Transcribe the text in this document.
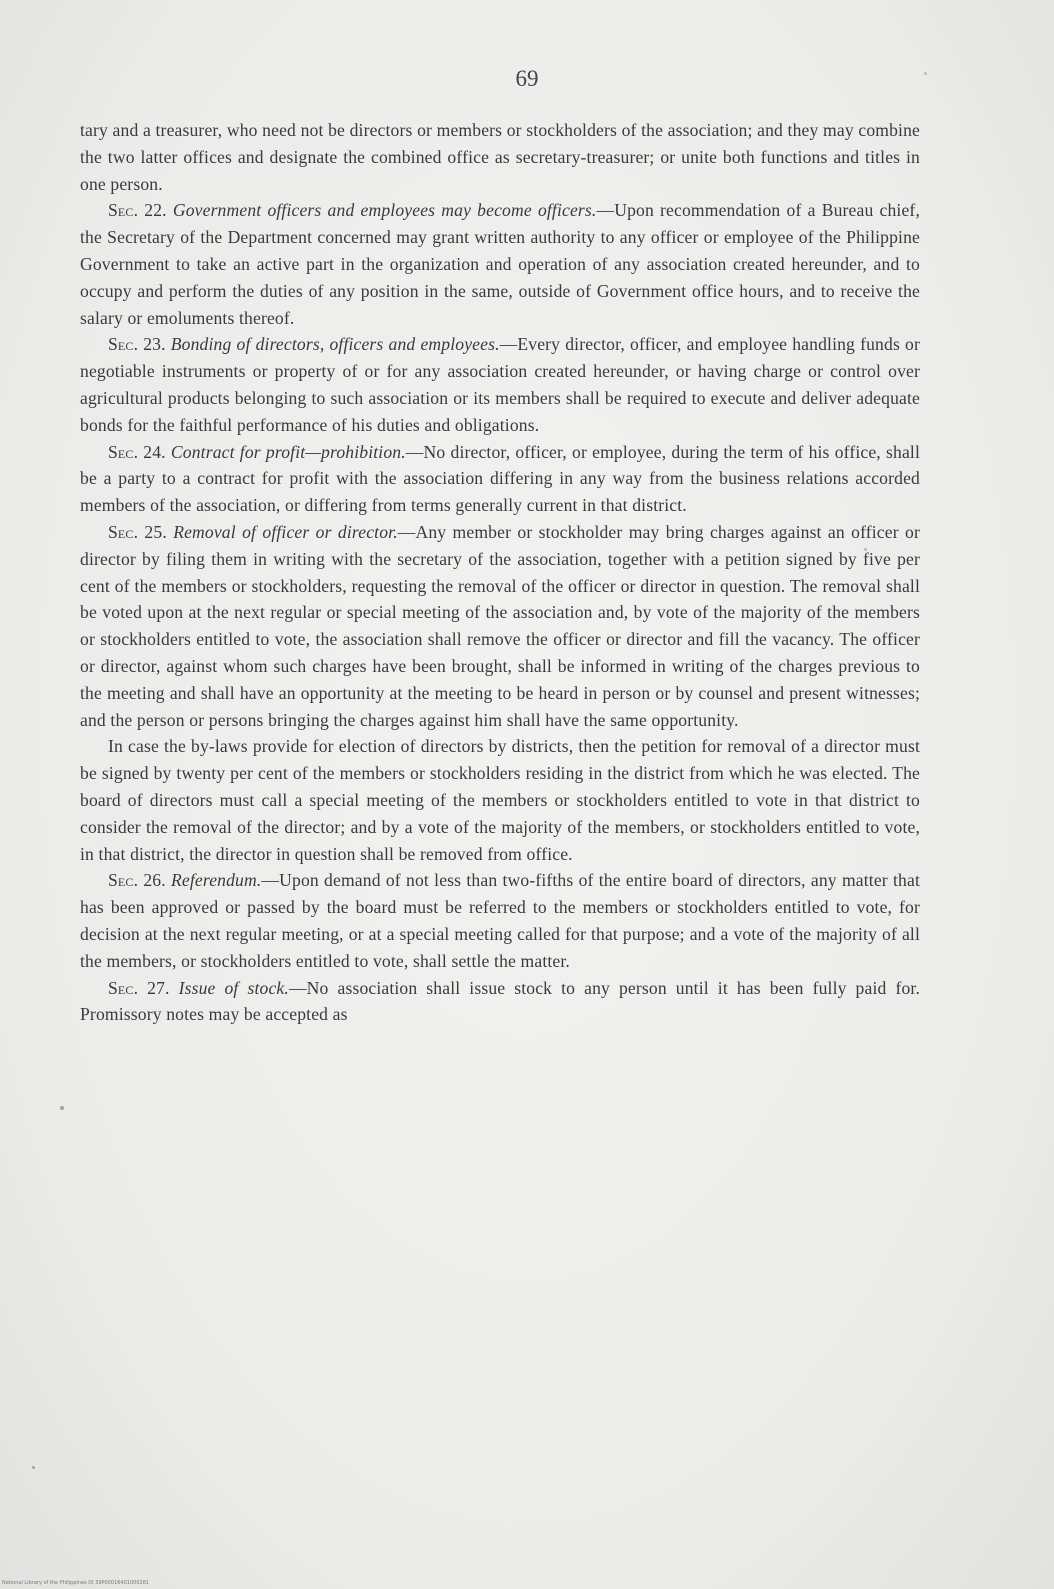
69

tary and a treasurer, who need not be directors or members or stockholders of the association; and they may combine the two latter offices and designate the combined office as secretary-treasurer; or unite both functions and titles in one person.

Sec. 22. Government officers and employees may become officers.—Upon recommendation of a Bureau chief, the Secretary of the Department concerned may grant written authority to any officer or employee of the Philippine Government to take an active part in the organization and operation of any association created hereunder, and to occupy and perform the duties of any position in the same, outside of Government office hours, and to receive the salary or emoluments thereof.

Sec. 23. Bonding of directors, officers and employees.—Every director, officer, and employee handling funds or negotiable instruments or property of or for any association created hereunder, or having charge or control over agricultural products belonging to such association or its members shall be required to execute and deliver adequate bonds for the faithful performance of his duties and obligations.

Sec. 24. Contract for profit—prohibition.—No director, officer, or employee, during the term of his office, shall be a party to a contract for profit with the association differing in any way from the business relations accorded members of the association, or differing from terms generally current in that district.

Sec. 25. Removal of officer or director.—Any member or stockholder may bring charges against an officer or director by filing them in writing with the secretary of the association, together with a petition signed by five per cent of the members or stockholders, requesting the removal of the officer or director in question. The removal shall be voted upon at the next regular or special meeting of the association and, by vote of the majority of the members or stockholders entitled to vote, the association shall remove the officer or director and fill the vacancy. The officer or director, against whom such charges have been brought, shall be informed in writing of the charges previous to the meeting and shall have an opportunity at the meeting to be heard in person or by counsel and present witnesses; and the person or persons bringing the charges against him shall have the same opportunity.

In case the by-laws provide for election of directors by districts, then the petition for removal of a director must be signed by twenty per cent of the members or stockholders residing in the district from which he was elected. The board of directors must call a special meeting of the members or stockholders entitled to vote in that district to consider the removal of the director; and by a vote of the majority of the members, or stockholders entitled to vote, in that district, the director in question shall be removed from office.

Sec. 26. Referendum.—Upon demand of not less than two-fifths of the entire board of directors, any matter that has been approved or passed by the board must be referred to the members or stockholders entitled to vote, for decision at the next regular meeting, or at a special meeting called for that purpose; and a vote of the majority of all the members, or stockholders entitled to vote, shall settle the matter.

Sec. 27. Issue of stock.—No association shall issue stock to any person until it has been fully paid for. Promissory notes may be accepted as

National Library of the Philippines DI 39P00016401000281
